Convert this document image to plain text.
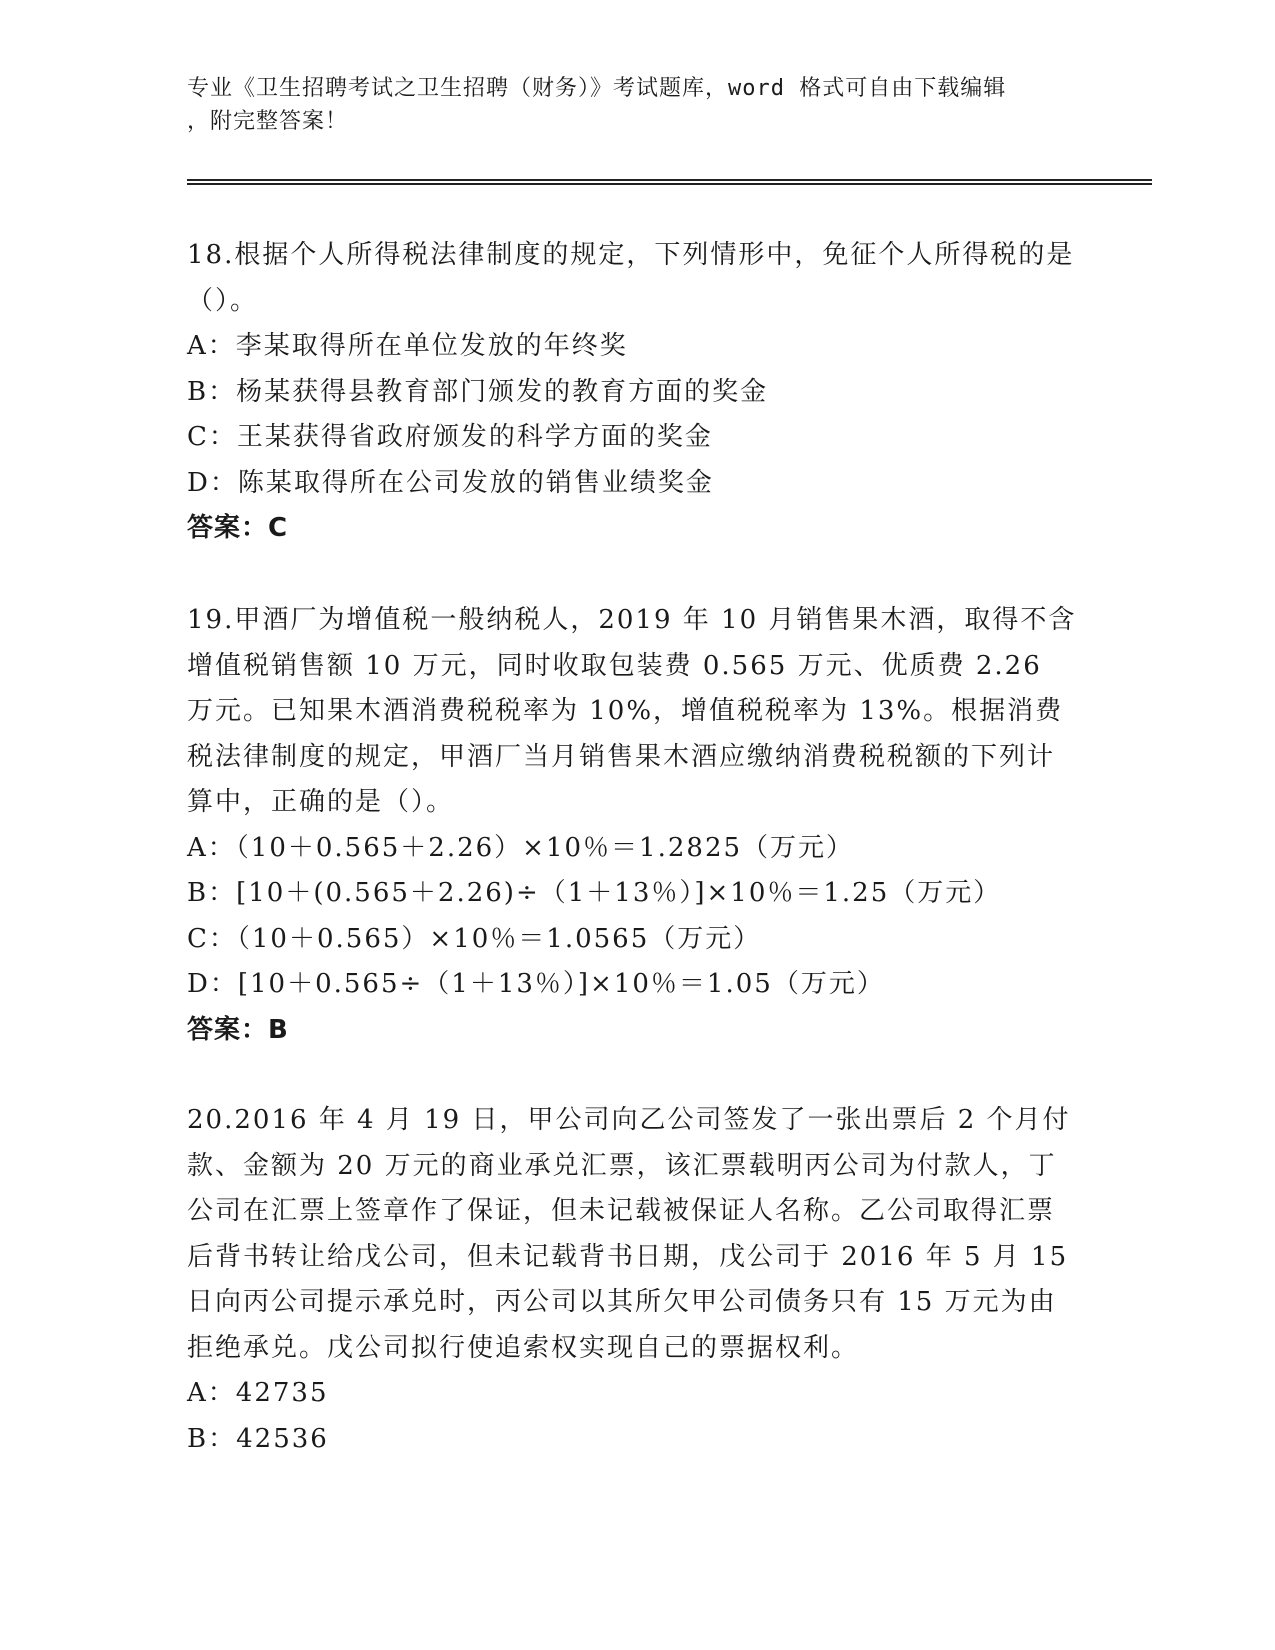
专业《卫生招聘考试之卫生招聘（财务）》考试题库，word 格式可自由下载编辑
，附完整答案！

18.根据个人所得税法律制度的规定，下列情形中，免征个人所得税的是（）。

A：李某取得所在单位发放的年终奖

B：杨某获得县教育部门颁发的教育方面的奖金

C：王某获得省政府颁发的科学方面的奖金

D：陈某取得所在公司发放的销售业绩奖金

答案：C

19.甲酒厂为增值税一般纳税人，2019 年 10 月销售果木酒，取得不含增值税销售额 10 万元，同时收取包装费 0.565 万元、优质费 2.26 万元。已知果木酒消费税税率为 10%，增值税税率为 13%。根据消费税法律制度的规定，甲酒厂当月销售果木酒应缴纳消费税税额的下列计算中，正确的是（）。

A：（10＋0.565＋2.26）×10％＝1.2825（万元）

B：[10＋(0.565＋2.26)÷（1＋13％）]×10％＝1.25（万元）

C：（10＋0.565）×10％＝1.0565（万元）

D：[10＋0.565÷（1＋13％）]×10％＝1.05（万元）

答案：B

20.2016 年 4 月 19 日，甲公司向乙公司签发了一张出票后 2 个月付款、金额为 20 万元的商业承兑汇票，该汇票载明丙公司为付款人，丁公司在汇票上签章作了保证，但未记载被保证人名称。乙公司取得汇票后背书转让给戊公司，但未记载背书日期，戊公司于 2016 年 5 月 15 日向丙公司提示承兑时，丙公司以其所欠甲公司债务只有 15 万元为由拒绝承兑。戊公司拟行使追索权实现自己的票据权利。

A：42735

B：42536
